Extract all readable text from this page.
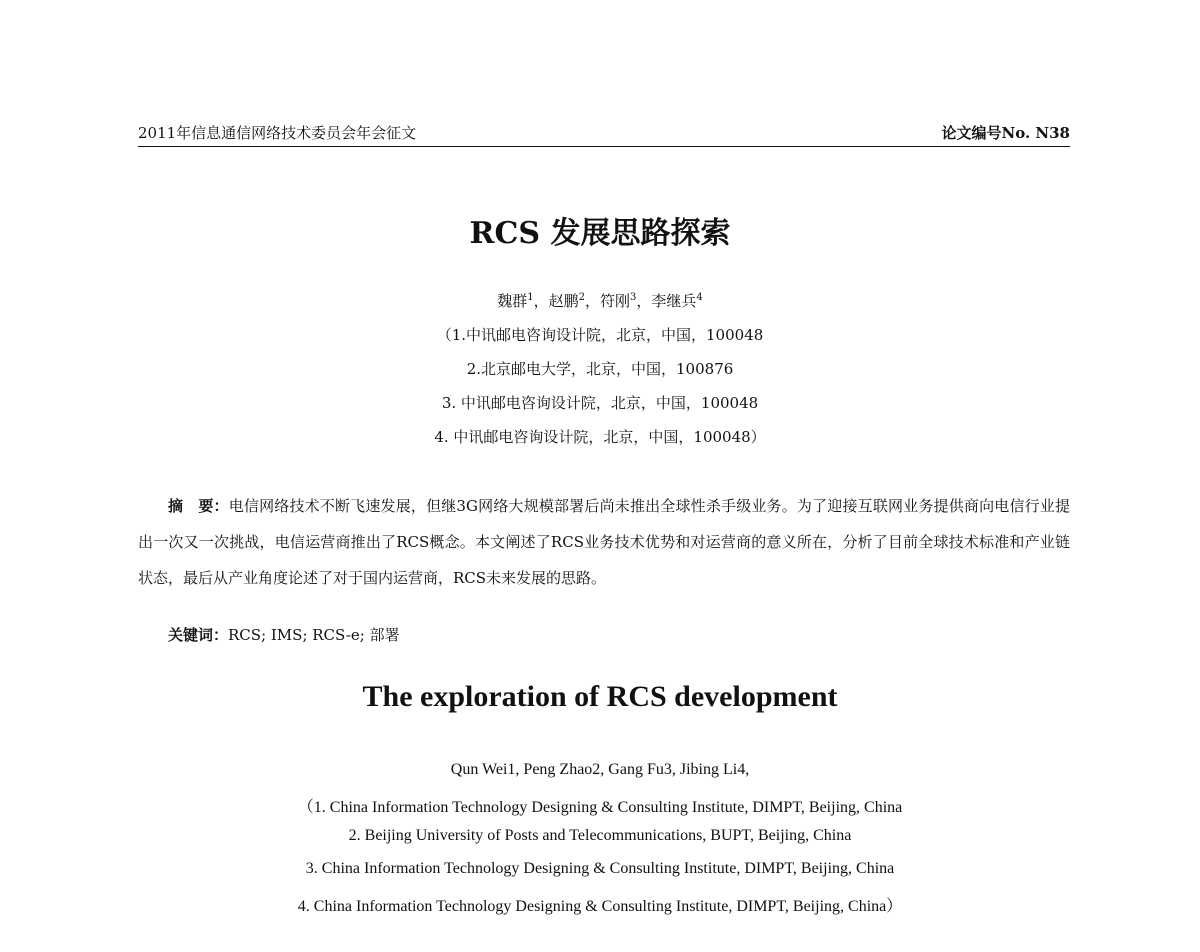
2011年信息通信网络技术委员会年会征文	论文编号No. N38
RCS 发展思路探索
魏群$^1$，赵鹏$^2$，符刚$^3$，李继兵$^4$
（1.中讯邮电咨询设计院，北京，中国，100048
2.北京邮电大学，北京，中国，100876
3. 中讯邮电咨询设计院，北京，中国，100048
4. 中讯邮电咨询设计院，北京，中国，100048）
摘　要：电信网络技术不断飞速发展，但继3G网络大规模部署后尚未推出全球性杀手级业务。为了迎接互联网业务提供商向电信行业提出一次又一次挑战，电信运营商推出了RCS概念。本文阐述了RCS业务技术优势和对运营商的意义所在，分析了目前全球技术标准和产业链状态，最后从产业角度论述了对于国内运营商，RCS未来发展的思路。
关键词：RCS; IMS; RCS-e; 部署
The exploration of RCS development
Qun Wei1, Peng Zhao2, Gang Fu3, Jibing Li4,
（1. China Information Technology Designing & Consulting Institute, DIMPT, Beijing, China
2. Beijing University of Posts and Telecommunications, BUPT, Beijing, China
3. China Information Technology Designing & Consulting Institute, DIMPT, Beijing, China
4. China Information Technology Designing & Consulting Institute, DIMPT, Beijing, China）
